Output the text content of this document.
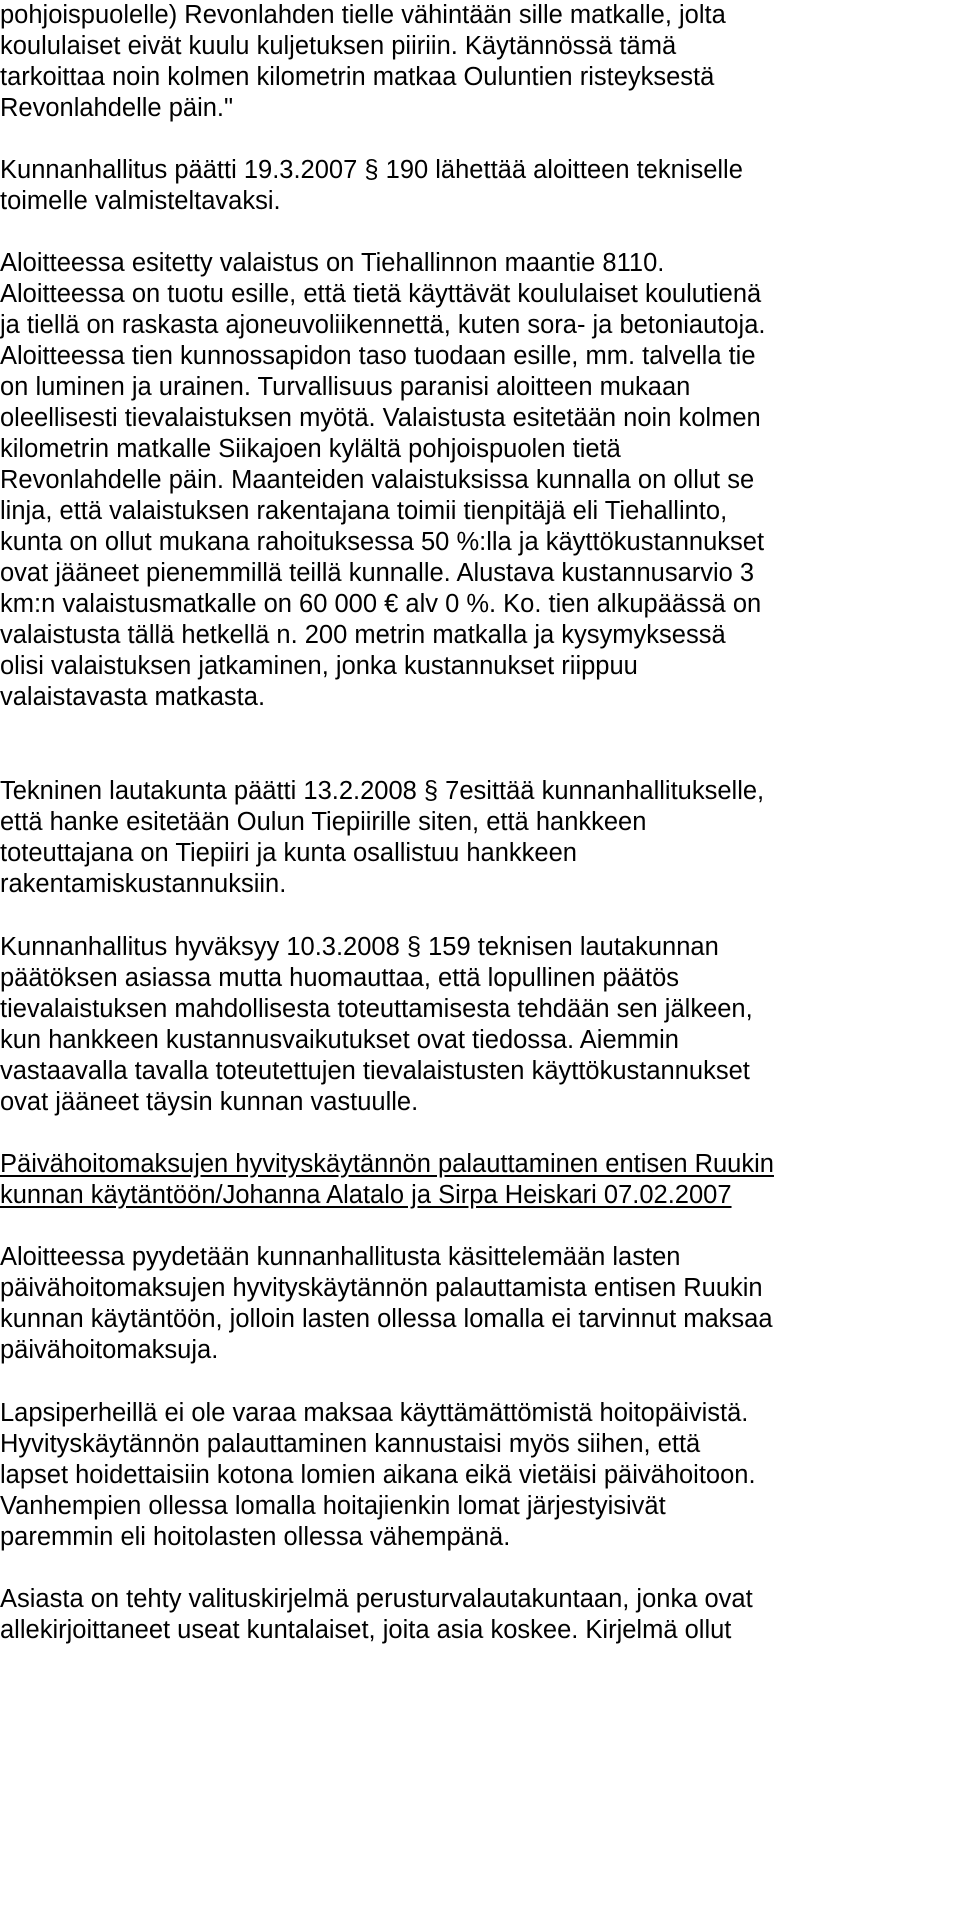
pohjoispuolelle) Revonlahden tielle vähintään sille matkalle, jolta
koululaiset eivät kuulu kuljetuksen piiriin. Käytännössä tämä
tarkoittaa noin kolmen kilometrin matkaa Ouluntien risteyksestä
Revonlahdelle päin."
Kunnanhallitus päätti 19.3.2007 § 190 lähettää aloitteen tekniselle
toimelle valmisteltavaksi.
Aloitteessa esitetty valaistus on Tiehallinnon maantie 8110.
Aloitteessa on tuotu esille, että tietä käyttävät koululaiset koulutienä
ja tiellä on raskasta ajoneuvoliikennettä, kuten sora- ja betoniautoja.
Aloitteessa tien kunnossapidon taso tuodaan esille, mm. talvella tie
on luminen ja urainen. Turvallisuus paranisi aloitteen mukaan
oleellisesti tievalaistuksen myötä. Valaistusta esitetään noin kolmen
kilometrin matkalle Siikajoen kylältä pohjoispuolen tietä
Revonlahdelle päin. Maanteiden valaistuksissa kunnalla on ollut se
linja, että valaistuksen rakentajana toimii tienpitäjä eli Tiehallinto,
kunta on ollut mukana rahoituksessa 50 %:lla ja käyttökustannukset
ovat jääneet pienemmillä teillä kunnalle. Alustava kustannusarvio 3
km:n valaistusmatkalle on 60 000 € alv 0 %. Ko. tien alkupäässä on
valaistusta tällä hetkellä n. 200 metrin matkalla ja kysymyksessä
olisi valaistuksen jatkaminen, jonka kustannukset riippuu
valaistavasta matkasta.
Tekninen lautakunta päätti 13.2.2008 § 7esittää kunnanhallitukselle,
että hanke esitetään Oulun Tiepiirille siten, että hankkeen
toteuttajana on Tiepiiri ja kunta osallistuu hankkeen
rakentamiskustannuksiin.
Kunnanhallitus hyväksyy 10.3.2008 § 159 teknisen lautakunnan
päätöksen asiassa mutta huomauttaa, että lopullinen päätös
tievalaistuksen mahdollisesta toteuttamisesta tehdään sen jälkeen,
kun hankkeen kustannusvaikutukset ovat tiedossa. Aiemmin
vastaavalla tavalla toteutettujen tievalaistusten käyttökustannukset
ovat jääneet täysin kunnan vastuulle.
Päivähoitomaksujen hyvityskäytännön palauttaminen entisen Ruukin
kunnan käytäntöön/Johanna Alatalo ja Sirpa Heiskari 07.02.2007
Aloitteessa pyydetään kunnanhallitusta käsittelemään lasten
päivähoitomaksujen hyvityskäytännön palauttamista entisen Ruukin
kunnan käytäntöön, jolloin lasten ollessa lomalla ei tarvinnut maksaa
päivähoitomaksuja.
Lapsiperheillä ei ole varaa maksaa käyttämättömistä hoitopäivistä.
Hyvityskäytännön palauttaminen kannustaisi myös siihen, että
lapset hoidettaisiin kotona lomien aikana eikä vietäisi päivähoitoon.
Vanhempien ollessa lomalla hoitajienkin lomat järjestyisivät
paremmin eli hoitolasten ollessa vähempänä.
Asiasta on tehty valituskirjelmä perusturvalautakuntaan, jonka ovat
allekirjoittaneet useat kuntalaiset, joita asia koskee. Kirjelmä ollut
